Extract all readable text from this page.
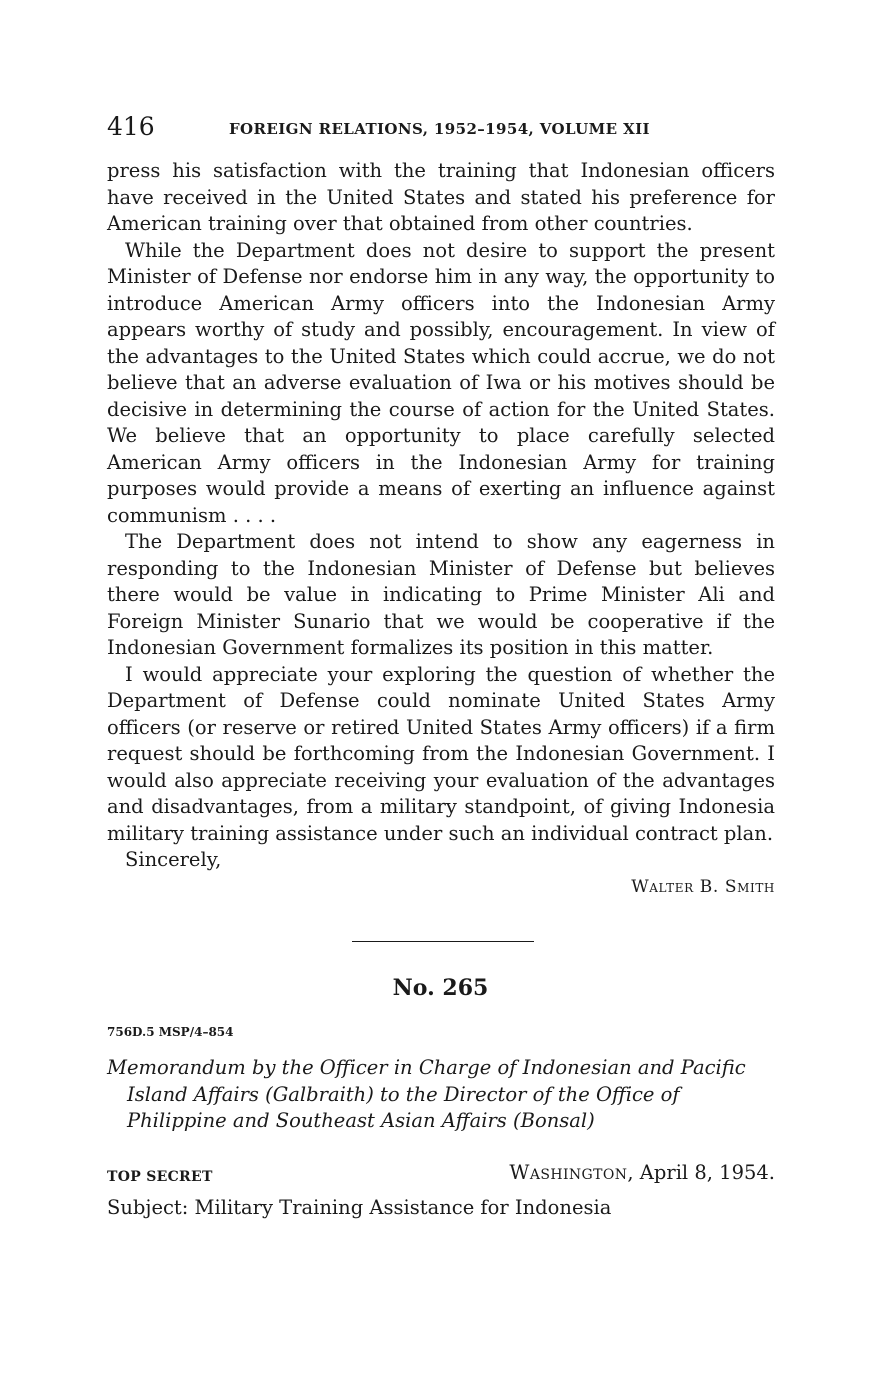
416	FOREIGN RELATIONS, 1952–1954, VOLUME XII

press his satisfaction with the training that Indonesian officers have received in the United States and stated his preference for American training over that obtained from other countries.

While the Department does not desire to support the present Minister of Defense nor endorse him in any way, the opportunity to introduce American Army officers into the Indonesian Army appears worthy of study and possibly, encouragement. In view of the advantages to the United States which could accrue, we do not believe that an adverse evaluation of Iwa or his motives should be decisive in determining the course of action for the United States. We believe that an opportunity to place carefully selected American Army officers in the Indonesian Army for training purposes would provide a means of exerting an influence against communism . . . .

The Department does not intend to show any eagerness in responding to the Indonesian Minister of Defense but believes there would be value in indicating to Prime Minister Ali and Foreign Minister Sunario that we would be cooperative if the Indonesian Government formalizes its position in this matter.

I would appreciate your exploring the question of whether the Department of Defense could nominate United States Army officers (or reserve or retired United States Army officers) if a firm request should be forthcoming from the Indonesian Government. I would also appreciate receiving your evaluation of the advantages and disadvantages, from a military standpoint, of giving Indonesia military training assistance under such an individual contract plan.

Sincerely,

Walter B. Smith

No. 265
756D.5 MSP/4–854
Memorandum by the Officer in Charge of Indonesian and Pacific Island Affairs (Galbraith) to the Director of the Office of Philippine and Southeast Asian Affairs (Bonsal)
TOP SECRET	Washington, April 8, 1954.
Subject: Military Training Assistance for Indonesia
